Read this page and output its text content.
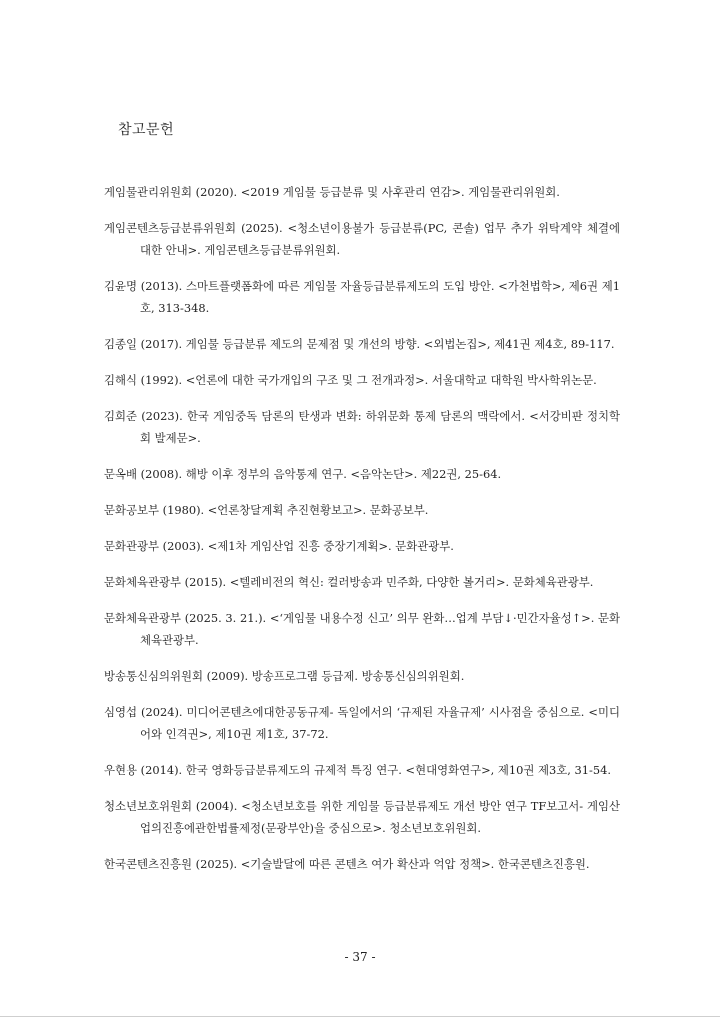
참고문헌

게임물관리위원회 (2020). <2019 게임물 등급분류 및 사후관리 연감>. 게임물관리위원회.

게임콘텐츠등급분류위원회 (2025). <청소년이용불가 등급분류(PC, 콘솔) 업무 추가 위탁계약 체결에 대한 안내>. 게임콘텐츠등급분류위원회.

김윤명 (2013). 스마트플랫폼화에 따른 게임물 자율등급분류제도의 도입 방안. <가천법학>, 제6권 제1호, 313-348.

김종일 (2017). 게임물 등급분류 제도의 문제점 및 개선의 방향. <외법논집>, 제41권 제4호, 89-117.

김해식 (1992). <언론에 대한 국가개입의 구조 및 그 전개과정>. 서울대학교 대학원 박사학위논문.

김희준 (2023). 한국 게임중독 담론의 탄생과 변화: 하위문화 통제 담론의 맥락에서. <서강비판 정치학회 발제문>.

문옥배 (2008). 해방 이후 정부의 음악통제 연구. <음악논단>. 제22권, 25-64.

문화공보부 (1980). <언론창달계획 추진현황보고>. 문화공보부.

문화관광부 (2003). <제1차 게임산업 진흥 중장기계획>. 문화관광부.

문화체육관광부 (2015). <텔레비전의 혁신: 컬러방송과 민주화, 다양한 볼거리>. 문화체육관광부.

문화체육관광부 (2025. 3. 21.). <‘게임물 내용수정 신고’ 의무 완화…업계 부담↓·민간자율성↑>. 문화체육관광부.

방송통신심의위원회 (2009). 방송프로그램 등급제. 방송통신심의위원회.

심영섭 (2024). 미디어콘텐츠에대한공동규제- 독일에서의 ‘규제된 자율규제’ 시사점을 중심으로. <미디어와 인격권>, 제10권 제1호, 37-72.

우현용 (2014). 한국 영화등급분류제도의 규제적 특징 연구. <현대영화연구>, 제10권 제3호, 31-54.

청소년보호위원회 (2004). <청소년보호를 위한 게임물 등급분류제도 개선 방안 연구 TF보고서- 게임산업의진흥에관한법률제정(문광부안)을 중심으로>. 청소년보호위원회.

한국콘텐츠진흥원 (2025). <기술발달에 따른 콘텐츠 여가 확산과 억압 정책>. 한국콘텐츠진흥원.

- 37 -
